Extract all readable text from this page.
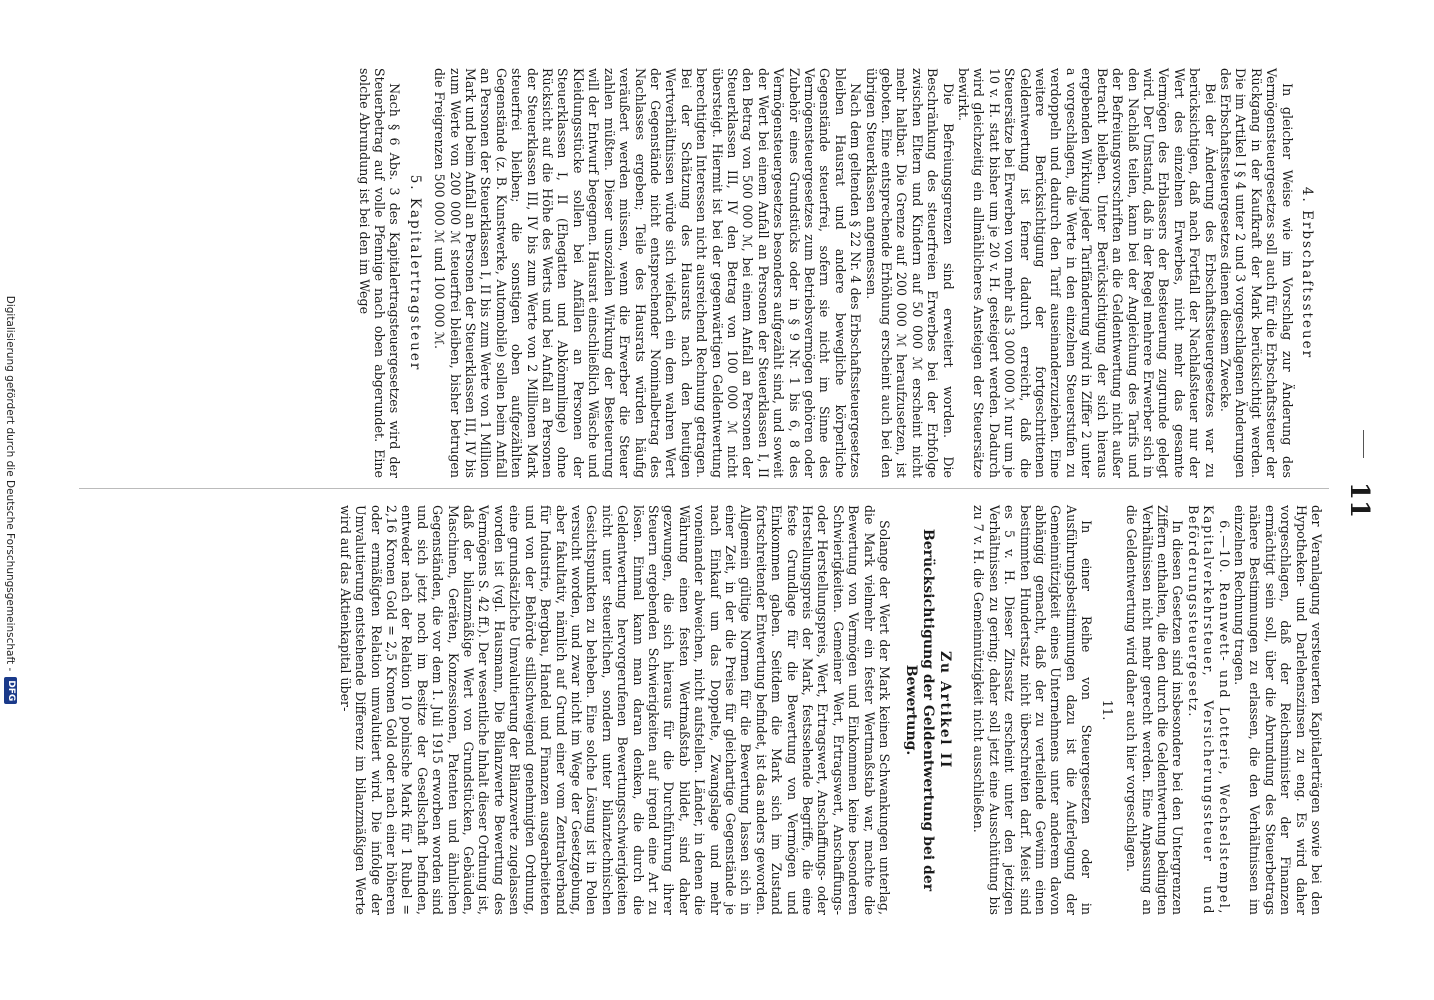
11
4. Erbschaftssteuer

In gleicher Weise wie im Vorschlag zur Änderung des Vermögensteuergesetzes soll auch für die Erbschaftssteuer der Rückgang in der Kaufkraft der Mark berücksichtigt werden. Die im Artikel I § 4 unter 2 und 3 vorgeschlagenen Änderungen des Erbschaftssteuergesetzes dienen diesem Zwecke.

Bei der Änderung des Erbschaftssteuergesetzes war zu berücksichtigen, daß nach Fortfall der Nachlaßsteuer nur der Wert des einzelnen Erwerbes, nicht mehr das gesamte Vermögen des Erblassers der Besteuerung zugrunde gelegt wird. Der Umstand, daß in der Regel mehrere Erwerber sich in den Nachlaß teilen, kann bei der Angleichung des Tarifs und der Befreiungsvorschriften an die Geldentwertung nicht außer Betracht bleiben. Unter Berücksichtigung der sich hieraus ergebenden Wirkung jeder Tarifänderung wird in Ziffer 2 unter a vorgeschlagen, die Werte in den einzelnen Steuerstufen zu verdoppeln und dadurch den Tarif auseinanderzuziehen. Eine weitere Berücksichtigung der fortgeschrittenen Geldentwertung ist ferner dadurch erreicht, daß die Steuersätze bei Erwerben von mehr als 3 000 000 ℳ nur um je 10 v. H. statt bisher um je 20 v. H. gesteigert werden. Dadurch wird gleichzeitig ein allmählicheres Ansteigen der Steuersätze bewirkt.

Die Befreiungsgrenzen sind erweitert worden. Die Beschränkung des steuerfreien Erwerbes bei der Erbfolge zwischen Eltern und Kindern auf 50 000 ℳ erscheint nicht mehr haltbar. Die Grenze auf 200 000 ℳ heraufzusetzen, ist geboten. Eine entsprechende Erhöhung erscheint auch bei den übrigen Steuerklassen angemessen.

Nach dem geltenden § 22 Nr. 4 des Erbschaftssteuergesetzes bleiben Hausrat und andere bewegliche körperliche Gegenstände steuerfrei, sofern sie nicht im Sinne des Vermögensteuergesetzes zum Betriebsvermögen gehören oder Zubehör eines Grundstücks oder in § 9 Nr. 1 bis 6, 8 des Vermögensteuergesetzes besonders aufgezählt sind, und soweit der Wert bei einem Anfall an Personen der Steuerklassen I, II den Betrag von 500 000 ℳ, bei einem Anfall an Personen der Steuerklassen III, IV den Betrag von 100 000 ℳ nicht übersteigt. Hiermit ist bei der gegenwärtigen Geldentwertung berechtigten Interessen nicht ausreichend Rechnung getragen. Bei der Schätzung des Hausrats nach den heutigen Wertverhältnissen würde sich vielfach ein dem wahren Wert der Gegenstände nicht entsprechender Nominalbetrag des Nachlasses ergeben; Teile des Hausrats würden häufig veräußert werden müssen, wenn die Erwerber die Steuer zahlen müßten. Dieser unsozialen Wirkung der Besteuerung will der Entwurf begegnen. Hausrat einschließlich Wäsche und Kleidungsstücke sollen bei Anfällen an Personen der Steuerklassen I, II (Ehegatten und Abkömmlinge) ohne Rücksicht auf die Höhe des Werts und bei Anfall an Personen der Steuerklassen III, IV bis zum Werte von 2 Millionen Mark steuerfrei bleiben; die sonstigen oben aufgezählten Gegenstände (z. B. Kunstwerke, Automobile) sollen beim Anfall an Personen der Steuerklassen I, II bis zum Werte von 1 Million Mark und beim Anfall an Personen der Steuerklassen III, IV bis zum Werte von 200 000 ℳ steuerfrei bleiben, bisher betrugen die Freigrenzen 500 000 ℳ und 100 000 ℳ.

5. Kapitalertragsteuer

Nach § 6 Abs. 3 des Kapitalertragsteuergesetzes wird der Steuerbetrag auf volle Pfennige nach oben abgerundet. Eine solche Abrundung ist bei den im Wege

der Veranlagung versteuerten Kapitalerträgen sowie bei den Hypotheken- und Darlehenszinsen zu eng. Es wird daher vorgeschlagen, daß der Reichsminister der Finanzen ermächtigt sein soll, über die Abrundung des Steuerbetrags nähere Bestimmungen zu erlassen, die den Verhältnissen im einzelnen Rechnung tragen.

6.—10. Rennwett- und Lotterie, Wechselstempel, Kapitalverkehrsteuer, Versicherungssteuer und Beförderungssteuergesetz.

In diesen Gesetzen sind insbesondere bei den Untergrenzen Ziffern enthalten, die den durch die Geldentwertung bedingten Verhältnissen nicht mehr gerecht werden. Eine Anpassung an die Geldentwertung wird daher auch hier vorgeschlagen.

11.

In einer Reihe von Steuergesetzen oder in Ausführungsbestimmungen dazu ist die Auferlegung der Gemeinnützigkeit eines Unternehmens unter anderem davon abhängig gemacht, daß der zu verteilende Gewinn einen bestimmten Hundertsatz nicht überschreiten darf. Meist sind es 5 v. H. Dieser Zinssatz erscheint unter den jetzigen Verhältnissen zu gering; daher soll jetzt eine Ausschüttung bis zu 7 v. H. die Gemeinnützigkeit nicht ausschließen.

Zu Artikel II
Berücksichtigung der Geldentwertung bei der Bewertung.

Solange der Wert der Mark keinen Schwankungen unterlag, die Mark vielmehr ein fester Wertmaßstab war, machte die Bewertung von Vermögen und Einkommen keine besonderen Schwierigkeiten. Gemeiner Wert, Ertragswert, Anschaffungs- oder Herstellungspreis, Wert, Ertragswert, Anschaffungs- oder Herstellungspreis der Mark, festssehende Begriffe, die eine feste Grundlage für die Bewertung von Vermögen und Einkommen gaben. Seitdem die Mark sich im Zustand fortschreitender Entwertung befindet, ist das anders geworden. Allgemein gültige Normen für die Bewertung lassen sich in einer Zeit, in der die Preise für gleichartige Gegenstände je nach Einkauf um das Doppelte, Zwangslage und mehr voneinander abweichen, nicht aufstellen. Länder, in denen die Währung einen festen Wertmaßstab bildet, sind daher gezwungen, die sich hieraus für die Durchführung ihrer Steuern ergebenden Schwierigkeiten auf irgend eine Art zu lösen. Einmal kann man daran denken, die durch die Geldentwertung hervorgerufenen Bewertungsschwierigkeiten nicht unter steuerlichen, sondern unter bilanztechnischen Gesichtspunkten zu beheben. Eine solche Lösung ist in Polen versucht worden, und zwar nicht im Wege der Gesetzgebung, aber fakultativ, nämlich auf Grund einer vom Zentralverband für Industrie, Bergbau, Handel und Finanzen ausgearbeiteten und von der Behörde stillschweigend genehmigten Ordnung, eine grundsätzliche Umvalutierung der Bilanzwerte zugelassen worden ist (vgl. Hausmann, Die Bilanzwerte Bewertung des Vermögens S. 42 ff.). Der wesentliche Inhalt dieser Ordnung ist, daß der bilanzmäßige Wert von Grundstücken, Gebäuden, Maschinen, Geräten, Konzessionen, Patenten und ähnlichen Gegenständen, die vor dem 1. Juli 1915 erworben worden sind und sich jetzt noch im Besitze der Gesellschaft befinden, entweder nach der Relation 10 polnische Mark für 1 Rubel = 2,16 Kronen Gold = 2,5 Kronen Gold oder nach einer höheren oder ermäßigten Relation umvalutiert wird. Die infolge der Umvalutierung entstehende Differenz im bilanzmäßigen Werte wird auf das Aktienkapital über-

Digitalisierung gefördert durch die Deutsche Forschungsgemeinschaft -
DFG
